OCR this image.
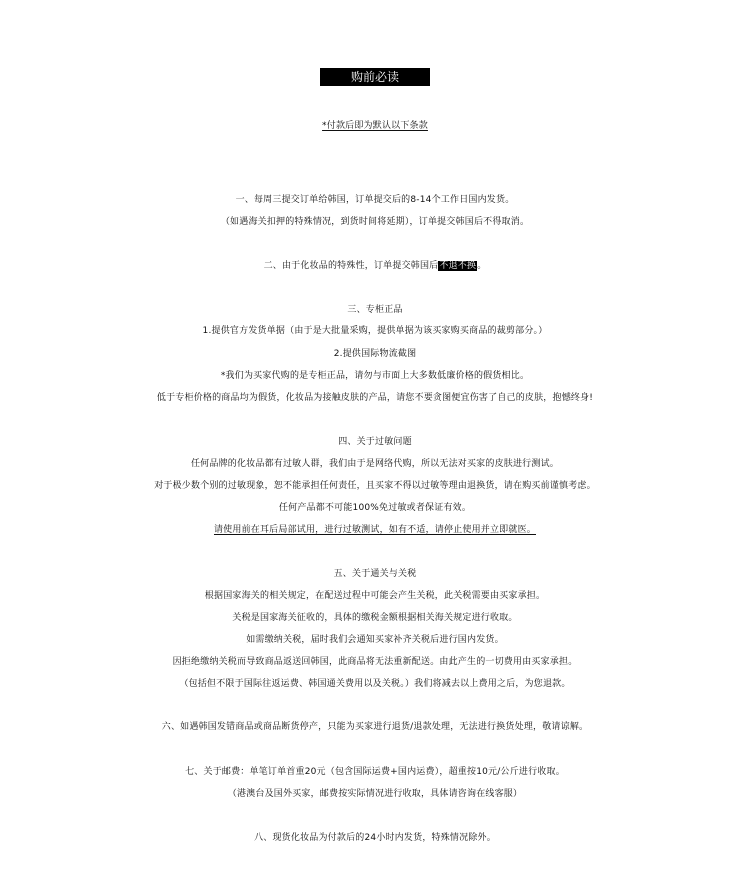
购前必读
*付款后即为默认以下条款
一、每周三提交订单给韩国，订单提交后的8-14个工作日国内发货。
（如遇海关扣押的特殊情况，到货时间将延期），订单提交韩国后不得取消。
二、由于化妆品的特殊性，订单提交韩国后不退不换。
三、专柜正品
1.提供官方发货单据（由于是大批量采购，提供单据为该买家购买商品的裁剪部分。）
2.提供国际物流截图
*我们为买家代购的是专柜正品，请勿与市面上大多数低廉价格的假货相比。
低于专柜价格的商品均为假货，化妆品为接触皮肤的产品，请您不要贪图便宜伤害了自己的皮肤，抱憾终身!
四、关于过敏问题
任何品牌的化妆品都有过敏人群，我们由于是网络代购，所以无法对买家的皮肤进行测试。
对于极少数个别的过敏现象，恕不能承担任何责任，且买家不得以过敏等理由退换货，请在购买前谨慎考虑。
任何产品都不可能100%免过敏或者保证有效。
请使用前在耳后局部试用，进行过敏测试，如有不适，请停止使用并立即就医。
五、关于通关与关税
根据国家海关的相关规定，在配送过程中可能会产生关税，此关税需要由买家承担。
关税是国家海关征收的，具体的缴税金额根据相关海关规定进行收取。
如需缴纳关税，届时我们会通知买家补齐关税后进行国内发货。
因拒绝缴纳关税而导致商品返送回韩国，此商品将无法重新配送。由此产生的一切费用由买家承担。
（包括但不限于国际往返运费、韩国通关费用以及关税。）我们将减去以上费用之后，为您退款。
六、如遇韩国发错商品或商品断货停产，只能为买家进行退货/退款处理，无法进行换货处理，敬请谅解。
七、关于邮费：单笔订单首重20元（包含国际运费+国内运费），超重按10元/公斤进行收取。
（港澳台及国外买家，邮费按实际情况进行收取，具体请咨询在线客服）
八、现货化妆品为付款后的24小时内发货，特殊情况除外。
